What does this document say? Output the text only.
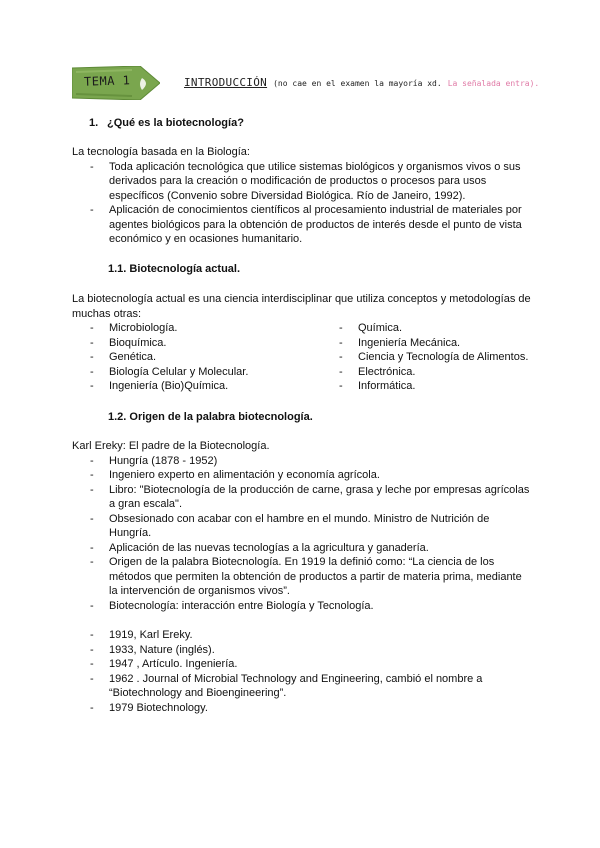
TEMA 1	INTRODUCCIÓN (no cae en el examen la mayoría xd. La señalada entra).
1. ¿Qué es la biotecnología?
La tecnología basada en la Biología:
- Toda aplicación tecnológica que utilice sistemas biológicos y organismos vivos o sus derivados para la creación o modificación de productos o procesos para usos específicos (Convenio sobre Diversidad Biológica. Río de Janeiro, 1992).
- Aplicación de conocimientos científicos al procesamiento industrial de materiales por agentes biológicos para la obtención de productos de interés desde el punto de vista económico y en ocasiones humanitario.
1.1. Biotecnología actual.
La biotecnología actual es una ciencia interdisciplinar que utiliza conceptos y metodologías de muchas otras:
- Microbiología.
- Bioquímica.
- Genética.
- Biología Celular y Molecular.
- Ingeniería (Bio)Química.
- Química.
- Ingeniería Mecánica.
- Ciencia y Tecnología de Alimentos.
- Electrónica.
- Informática.
1.2. Origen de la palabra biotecnología.
Karl Ereky: El padre de la Biotecnología.
- Hungría (1878 - 1952)
- Ingeniero experto en alimentación y economía agrícola.
- Libro: "Biotecnología de la producción de carne, grasa y leche por empresas agrícolas a gran escala".
- Obsesionado con acabar con el hambre en el mundo. Ministro de Nutrición de Hungría.
- Aplicación de las nuevas tecnologías a la agricultura y ganadería.
- Origen de la palabra Biotecnología. En 1919 la definió como: “La ciencia de los métodos que permiten la obtención de productos a partir de materia prima, mediante la intervención de organismos vivos”.
- Biotecnología: interacción entre Biología y Tecnología.
- 1919, Karl Ereky.
- 1933, Nature (inglés).
- 1947 , Artículo. Ingeniería.
- 1962 . Journal of Microbial Technology and Engineering, cambió el nombre a “Biotechnology and Bioengineering”.
- 1979 Biotechnology.
